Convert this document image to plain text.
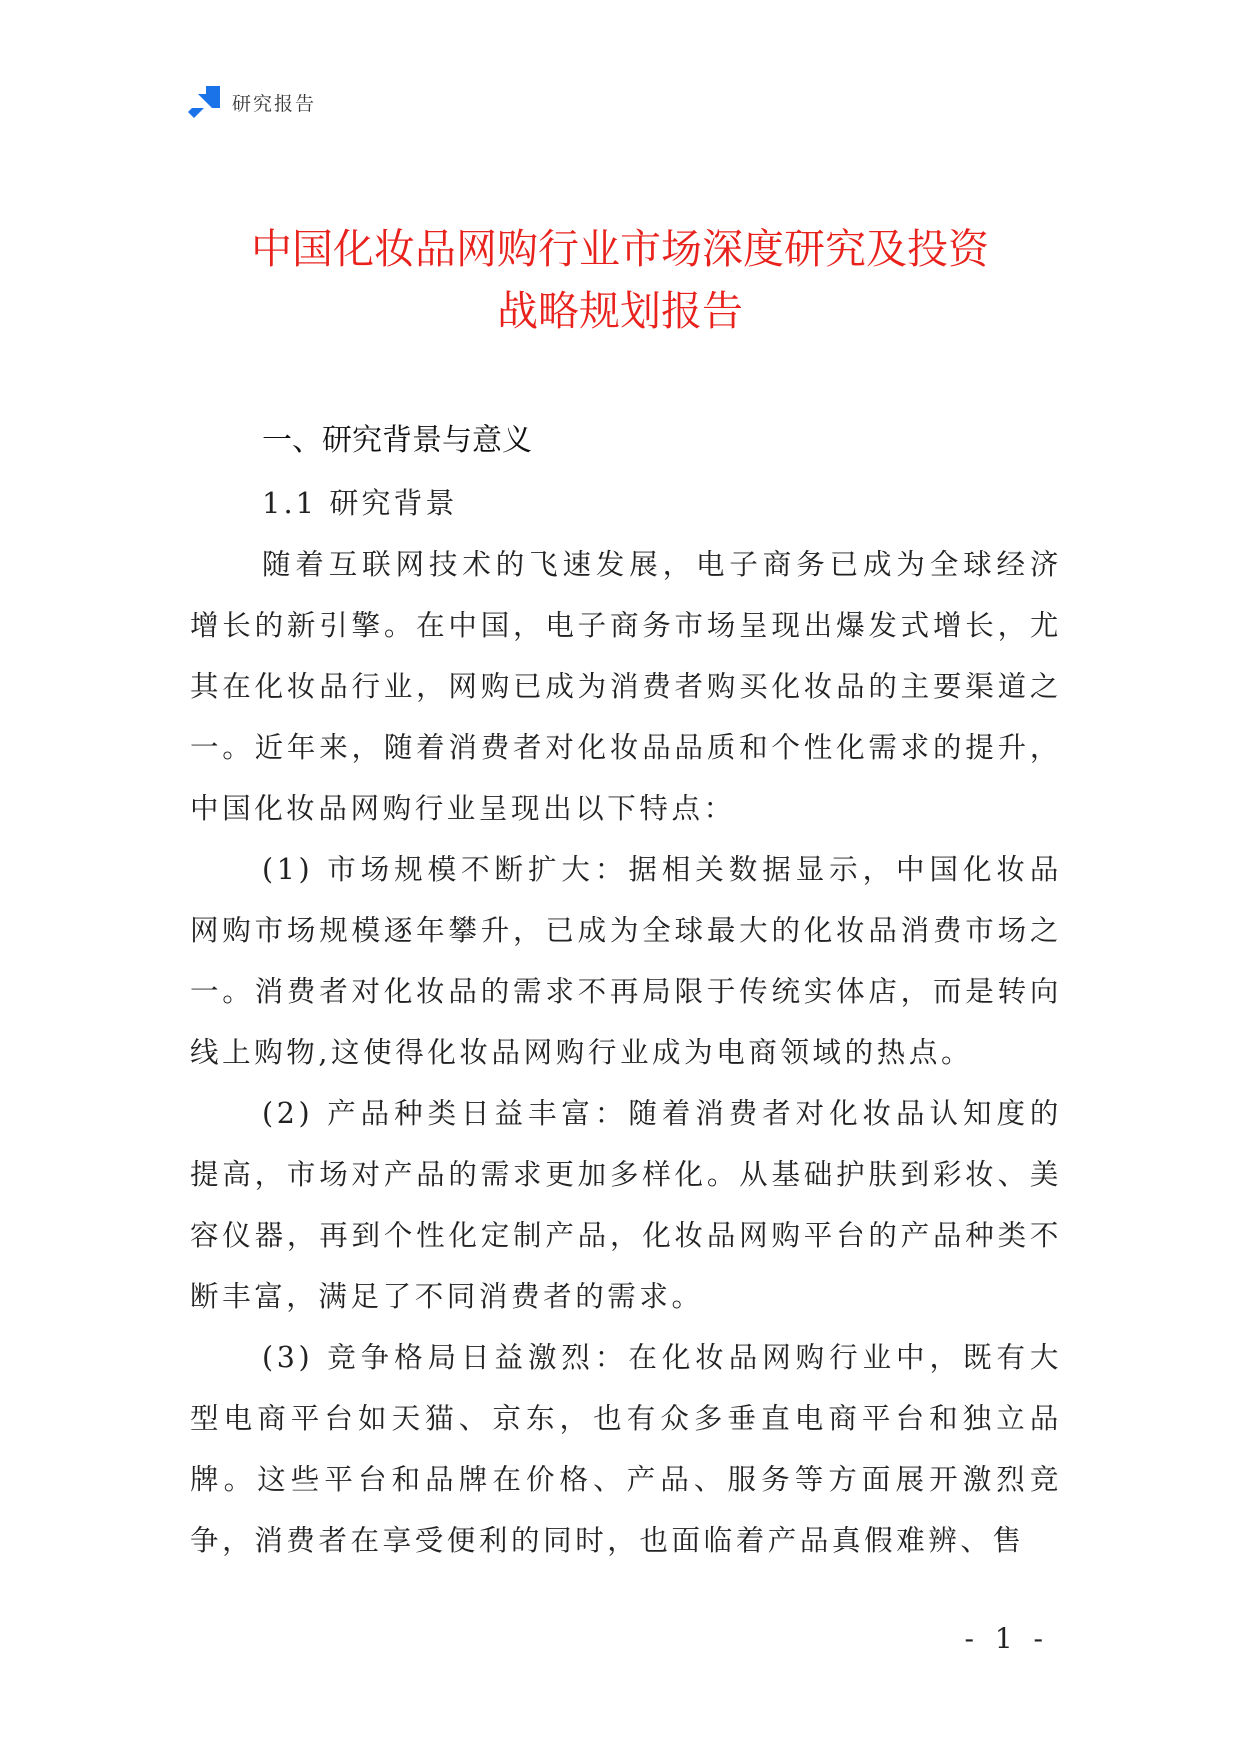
研究报告
中国化妆品网购行业市场深度研究及投资
战略规划报告
一、研究背景与意义
1.1 研究背景

随着互联网技术的飞速发展，电子商务已成为全球经济增长的新引擎。在中国，电子商务市场呈现出爆发式增长，尤其在化妆品行业，网购已成为消费者购买化妆品的主要渠道之一。近年来，随着消费者对化妆品品质和个性化需求的提升，中国化妆品网购行业呈现出以下特点：

(1) 市场规模不断扩大：据相关数据显示，中国化妆品网购市场规模逐年攀升，已成为全球最大的化妆品消费市场之一。消费者对化妆品的需求不再局限于传统实体店，而是转向线上购物,这使得化妆品网购行业成为电商领域的热点。

(2) 产品种类日益丰富：随着消费者对化妆品认知度的提高，市场对产品的需求更加多样化。从基础护肤到彩妆、美容仪器，再到个性化定制产品，化妆品网购平台的产品种类不断丰富，满足了不同消费者的需求。

(3) 竞争格局日益激烈：在化妆品网购行业中，既有大型电商平台如天猫、京东，也有众多垂直电商平台和独立品牌。这些平台和品牌在价格、产品、服务等方面展开激烈竞争，消费者在享受便利的同时，也面临着产品真假难辨、售

- 1 -
